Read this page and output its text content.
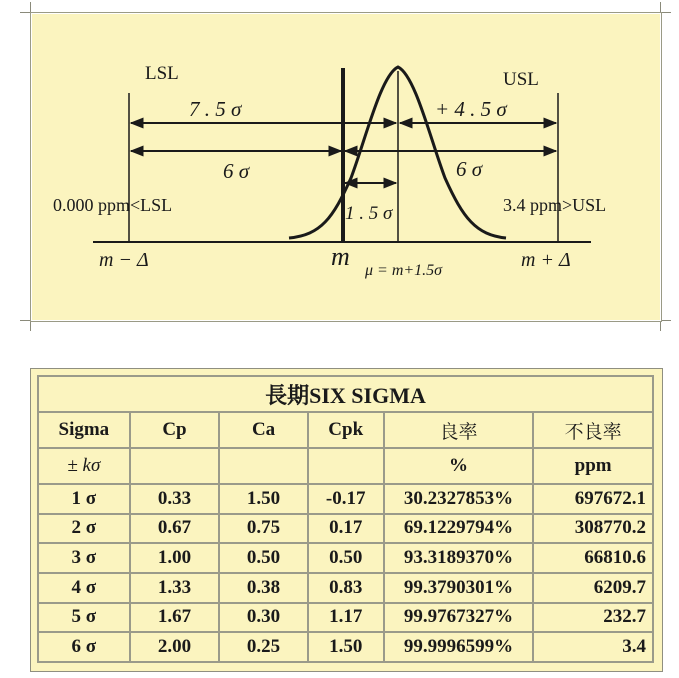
LSL	USL
7 . 5 σ	+ 4 . 5 σ
6 σ	6 σ
1 . 5 σ
0.000 ppm<LSL	3.4 ppm>USL
m − Δ	m μ = m+1.5σ	m + Δ
長期SIX SIGMA					
Sigma	Cp	Ca	Cpk	良率	不良率
± kσ				%	ppm
1 σ	0.33	1.50	-0.17	30.2327853%	697672.1
2 σ	0.67	0.75	0.17	69.1229794%	308770.2
3 σ	1.00	0.50	0.50	93.3189370%	66810.6
4 σ	1.33	0.38	0.83	99.3790301%	6209.7
5 σ	1.67	0.30	1.17	99.9767327%	232.7
6 σ	2.00	0.25	1.50	99.9996599%	3.4
